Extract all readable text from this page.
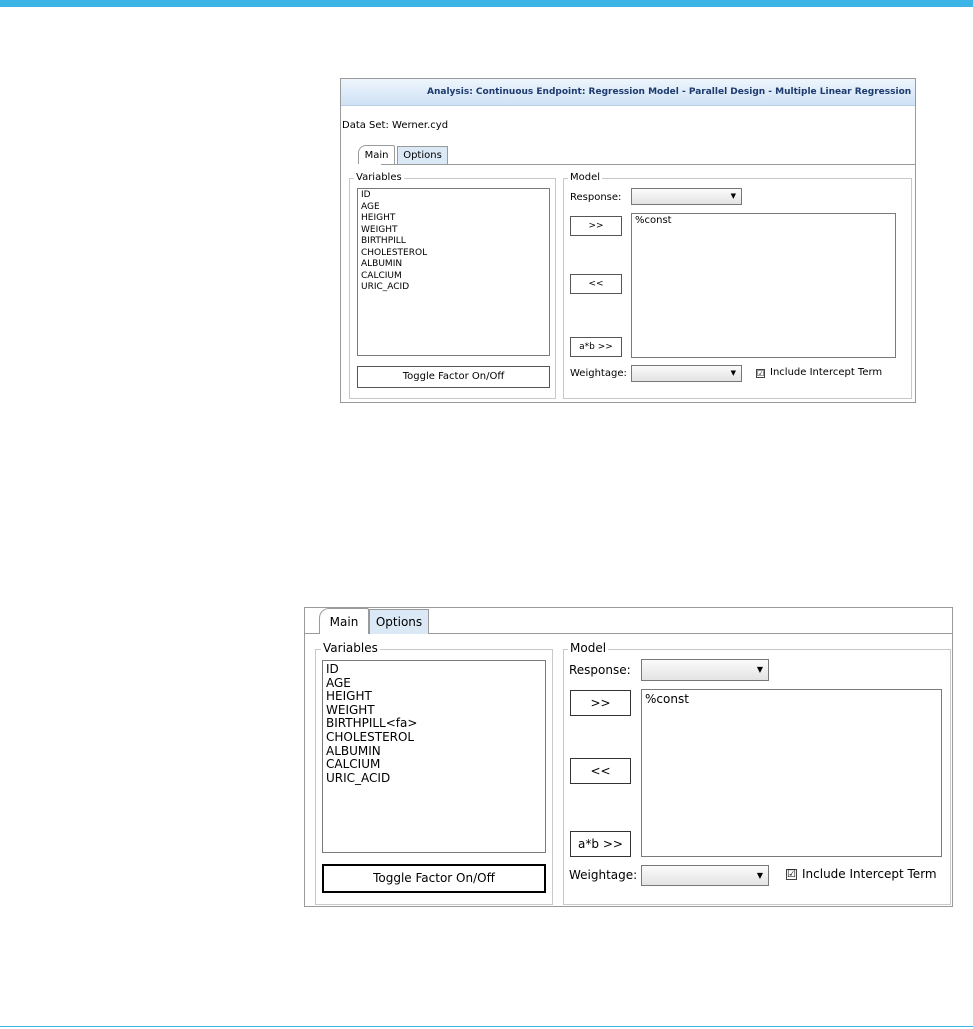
Analysis: Continuous Endpoint: Regression Model - Parallel Design - Multiple Linear Regression
Data Set: Werner.cyd
Main	Options
Variables
ID
AGE
HEIGHT
WEIGHT
BIRTHPILL
CHOLESTEROL
ALBUMIN
CALCIUM
URIC_ACID
Toggle Factor On/Off
Model
Response:	▼
>>
<<
a*b >>
%const
Weightage:	▼	☑ Include Intercept Term
Main	Options
Variables
ID
AGE
HEIGHT
WEIGHT
BIRTHPILL<fa>
CHOLESTEROL
ALBUMIN
CALCIUM
URIC_ACID
Toggle Factor On/Off
Model
Response:	▼
>>
<<
a*b >>
%const
Weightage:	▼ ☑ Include Intercept Term
